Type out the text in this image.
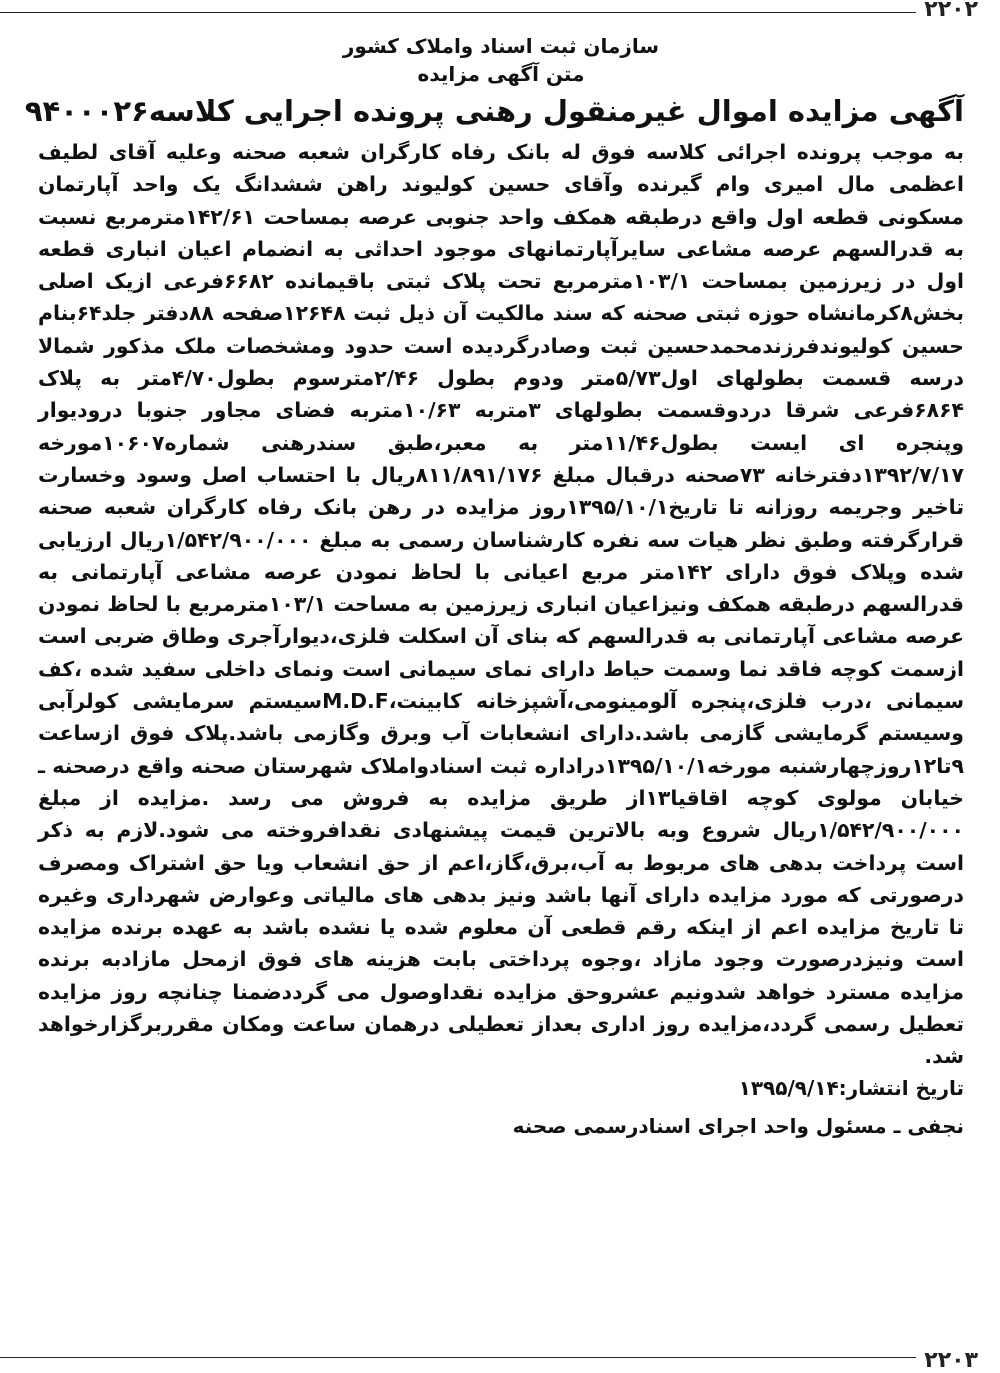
۲۲۰۲
سازمان ثبت اسناد واملاک کشور
متن آگهی مزایده
آگهی مزایده اموال غیرمنقول رهنی پرونده اجرایی کلاسه۹۴۰۰۰۲۶

به موجب پرونده اجرائی کلاسه فوق له بانک رفاه کارگران شعبه صحنه وعلیه آقای لطیف اعظمی مال امیری وام گیرنده وآقای حسین کولیوند راهن ششدانگ یک واحد آپارتمان مسکونی قطعه اول واقع درطبقه همکف واحد جنوبی عرصه بمساحت ۱۴۲/۶۱مترمربع نسبت به قدرالسهم عرصه مشاعی سایرآپارتمانهای موجود احداثی به انضمام اعیان انباری قطعه اول در زیرزمین بمساحت ۱۰۳/۱مترمربع تحت پلاک ثبتی باقیمانده ۶۶۸۲فرعی ازیک اصلی بخش۸کرمانشاه حوزه ثبتی صحنه که سند مالکیت آن ذیل ثبت ۱۲۶۴۸صفحه ۸۸دفتر جلد۶۴بنام حسین کولیوندفرزندمحمدحسین ثبت وصادرگردیده است حدود ومشخصات ملک مذکور شمالا درسه قسمت بطولهای اول۵/۷۳متر ودوم بطول ۲/۴۶مترسوم بطول۴/۷۰متر به پلاک ۶۸۶۴فرعی شرقا دردوقسمت بطولهای ۳متربه ۱۰/۶۳متربه فضای مجاور جنوبا درودیوار وپنجره ای ایست بطول۱۱/۴۶متر به معبر،طبق سندرهنی شماره۱۰۶۰۷مورخه ۱۳۹۲/۷/۱۷دفترخانه ۷۳صحنه درقبال مبلغ ۸۱۱/۸۹۱/۱۷۶ریال با احتساب اصل وسود وخسارت تاخیر وجریمه روزانه تا تاریخ۱۳۹۵/۱۰/۱روز مزایده در رهن بانک رفاه کارگران شعبه صحنه قرارگرفته وطبق نظر هیات سه نفره کارشناسان رسمی به مبلغ ۱/۵۴۲/۹۰۰/۰۰۰ریال ارزیابی شده وپلاک فوق دارای ۱۴۲متر مربع اعیانی با لحاظ نمودن عرصه مشاعی آپارتمانی به قدرالسهم درطبقه همکف ونیزاعیان انباری زیرزمین به مساحت ۱۰۳/۱مترمربع با لحاظ نمودن عرصه مشاعی آپارتمانی به قدرالسهم که بنای آن اسکلت فلزی،دیوارآجری وطاق ضربی است ازسمت کوچه فاقد نما وسمت حیاط دارای نمای سیمانی است ونمای داخلی سفید شده ،کف سیمانی ،درب فلزی،پنجره آلومینومی،آشپزخانه کابینت،M.D.Fسیستم سرمایشی کولرآبی وسیستم گرمایشی گازمی باشد.دارای انشعابات آب وبرق وگازمی باشد.پلاک فوق ازساعت ۹تا۱۲روزچهارشنبه مورخه۱۳۹۵/۱۰/۱دراداره ثبت اسنادواملاک شهرستان صحنه واقع درصحنه ـ خیابان مولوی کوچه اقاقیا۱۳از طریق مزایده به فروش می رسد .مزایده از مبلغ ۱/۵۴۲/۹۰۰/۰۰۰ریال شروع وبه بالاترین قیمت پیشنهادی نقدافروخته می شود.لازم به ذکر است پرداخت بدهی های مربوط به آب،برق،گاز،اعم از حق انشعاب ویا حق اشتراک ومصرف درصورتی که مورد مزایده دارای آنها باشد ونیز بدهی های مالیاتی وعوارض شهرداری وغیره تا تاریخ مزایده اعم از اینکه رقم قطعی آن معلوم شده یا نشده باشد به عهده برنده مزایده است ونیزدرصورت وجود مازاد ،وجوه پرداختی بابت هزینه های فوق ازمحل مازادبه برنده مزایده مسترد خواهد شدونیم عشروحق مزایده نقداوصول می گرددضمنا چنانچه روز مزایده تعطیل رسمی گردد،مزایده روز اداری بعداز تعطیلی درهمان ساعت ومکان مقرربرگزارخواهد شد.

تاریخ انتشار:۱۳۹۵/۹/۱۴
نجفی ـ مسئول واحد اجرای اسنادرسمی صحنه
۲۲۰۳
